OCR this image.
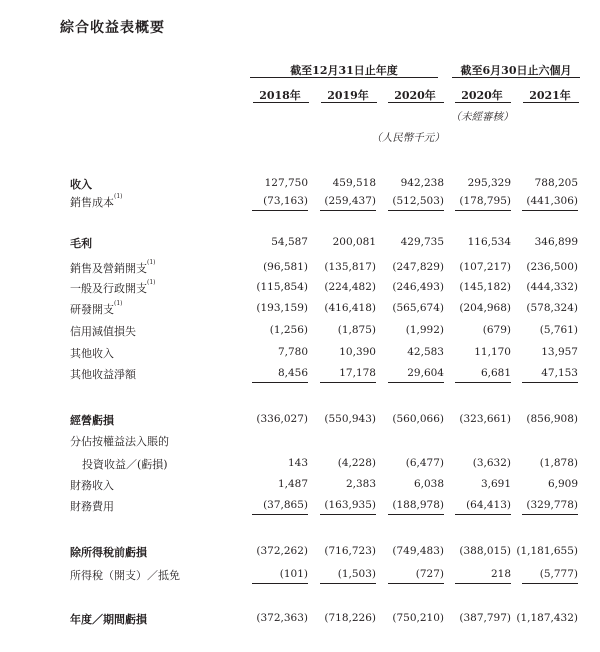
綜合收益表概要
截至12月31日止年度	截至6月30日止六個月
2018年	2019年	2020年	2020年	2021年
（未經審核）
（人民幣千元）
收入	127,750	459,518	942,238	295,329	788,205
銷售成本$^{(1)}$	(73,163)	(259,437)	(512,503)	(178,795)	(441,306)
毛利	54,587	200,081	429,735	116,534	346,899
銷售及營銷開支$^{(1)}$	(96,581)	(135,817)	(247,829)	(107,217)	(236,500)
一般及行政開支$^{(1)}$	(115,854)	(224,482)	(246,493)	(145,182)	(444,332)
研發開支$^{(1)}$	(193,159)	(416,418)	(565,674)	(204,968)	(578,324)
信用減值損失	(1,256)	(1,875)	(1,992)	(679)	(5,761)
其他收入	7,780	10,390	42,583	11,170	13,957
其他收益淨額	8,456	17,178	29,604	6,681	47,153
經營虧損	(336,027)	(550,943)	(560,066)	(323,661)	(856,908)
分佔按權益法入賬的
投資收益／(虧損)	143	(4,228)	(6,477)	(3,632)	(1,878)
財務收入	1,487	2,383	6,038	3,691	6,909
財務費用	(37,865)	(163,935)	(188,978)	(64,413)	(329,778)
除所得稅前虧損	(372,262)	(716,723)	(749,483)	(388,015) (1,181,655)
所得稅（開支）／抵免	(101)	(1,503)	(727)	218	(5,777)
年度／期間虧損	(372,363)	(718,226)	(750,210)	(387,797) (1,187,432)
